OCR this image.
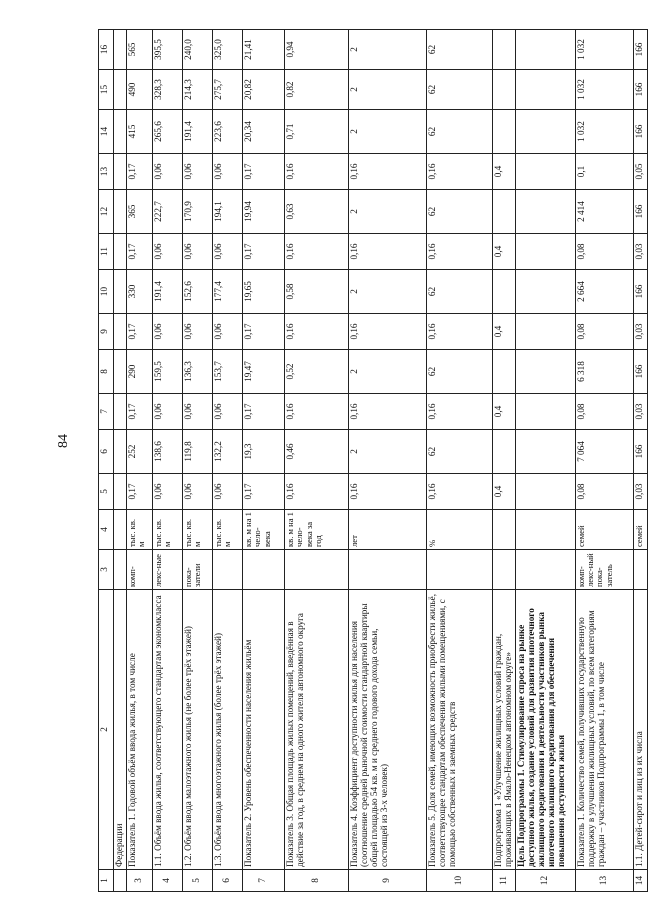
84
1	2	3	4	5	6	7	8	9	10	11	12	13	14	15	16
	Федерации														
3	Показатель 1. Годовой объём ввода жилья, в том числе	комп-	тыс. кв. м	0,17	252	0,17	290	0,17	330	0,17	365	0,17	415	490	565
4	1.1. Объём ввода жилья, соответствующего стандартам экономкласса	лекс-ные	тыс. кв. м	0,06	138,6	0,06	159,5	0,06	191,4	0,06	222,7	0,06	265,6	328,3	395,5
5	1.2. Объём ввода малоэтажного жилья (не более трёх этажей)	пока-затели	тыс. кв. м	0,06	119,8	0,06	136,3	0,06	152,6	0,06	170,9	0,06	191,4	214,3	240,0
6	1.3. Объём ввода многоэтажного жилья (более трёх этажей)		тыс. кв. м	0,06	132,2	0,06	153,7	0,06	177,4	0,06	194,1	0,06	223,6	275,7	325,0
7	Показатель 2. Уровень обеспеченности населения жильём		кв. м на 1 чело-века	0,17	19,3	0,17	19,47	0,17	19,65	0,17	19,94	0,17	20,34	20,82	21,41
8	Показатель 3. Общая площадь жилых помещений, введённая в действие за год, в среднем на одного жителя автономного округа		кв. м на 1 чело-века за год	0,16	0,46	0,16	0,52	0,16	0,58	0,16	0,63	0,16	0,71	0,82	0,94
9	Показатель 4. Коэффициент доступности жилья для населения (соотношение средней рыночной стоимости стандартной квартиры общей площадью 54 кв. м и среднего годового дохода семьи, состоящей из 3-х человек)		лет	0,16	2	0,16	2	0,16	2	0,16	2	0,16	2	2	2
10	Показатель 5. Доля семей, имеющих возможность приобрести жильё, соответствующее стандартам обеспечения жилыми помещениями, с помощью собственных и заемных средств		%	0,16	62	0,16	62	0,16	62	0,16	62	0,16	62	62	62
11	Подпрограмма 1 «Улучшение жилищных условий граждан, проживающих в Ямало-Ненецком автономном округе»			0,4		0,4		0,4		0,4		0,4			
12	Цель Подпрограммы 1. Стимулирование спроса на рынке доступного жилья, создание условий для развития ипотечного жилищного кредитования и деятельности участников рынка ипотечного жилищного кредитования для обеспечения повышения доступности жилья														
13	Показатель 1. Количество семей, получивших государственную поддержку в улучшении жилищных условий, по всем категориям граждан – участников Подпрограммы 1, в том числе	комп-лекс-ный пока-затель	семей	0,08	7 064	0,08	6 318	0,08	2 664	0,08	2 414	0,1	1 032	1 032	1 032
14	1.1. Детей-сирот и лиц из их числа		семей	0,03	166	0,03	166	0,03	166	0,03	166	0,05	166	166	166
